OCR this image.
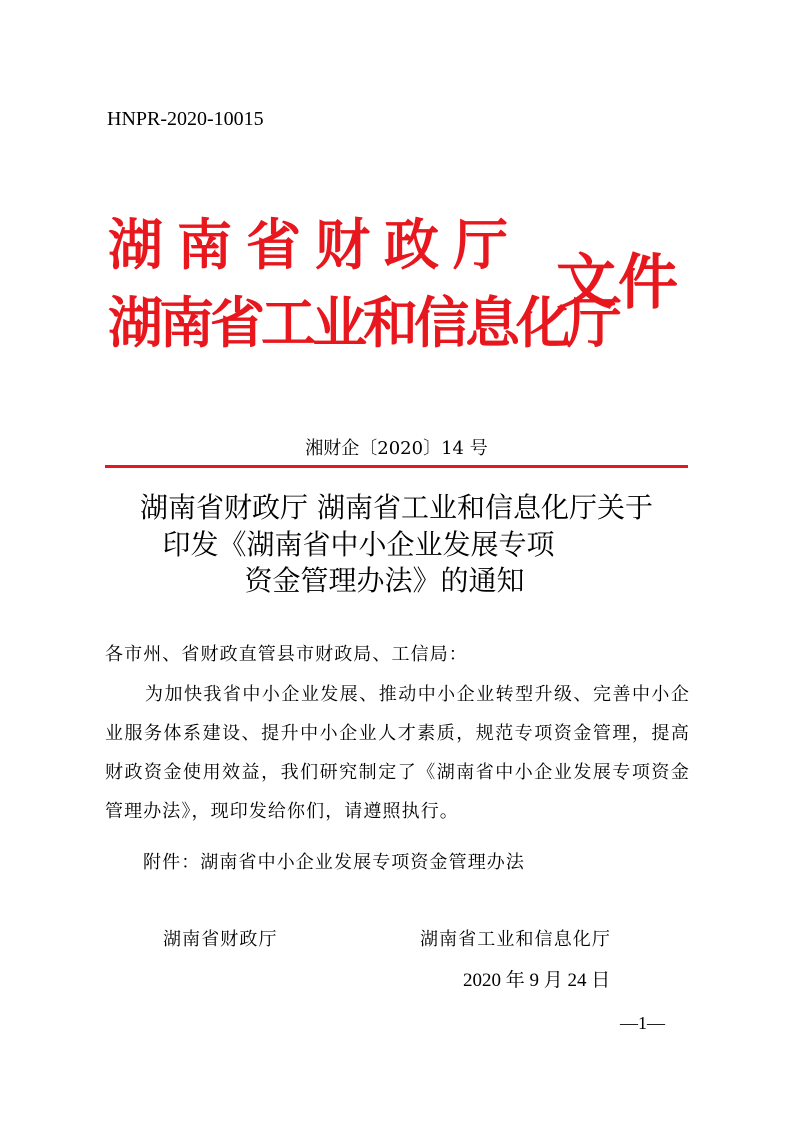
HNPR-2020-10015
湖南省财政厅
湖南省工业和信息化厅
文件
湘财企〔2020〕14 号
湖南省财政厅 湖南省工业和信息化厅关于
印发《湖南省中小企业发展专项
资金管理办法》的通知
各市州、省财政直管县市财政局、工信局：
为加快我省中小企业发展、推动中小企业转型升级、完善中小企业服务体系建设、提升中小企业人才素质，规范专项资金管理，提高财政资金使用效益，我们研究制定了《湖南省中小企业发展专项资金管理办法》，现印发给你们，请遵照执行。
附件：湖南省中小企业发展专项资金管理办法
湖南省财政厅	湖南省工业和信息化厅
2020 年 9 月 24 日
—1—
